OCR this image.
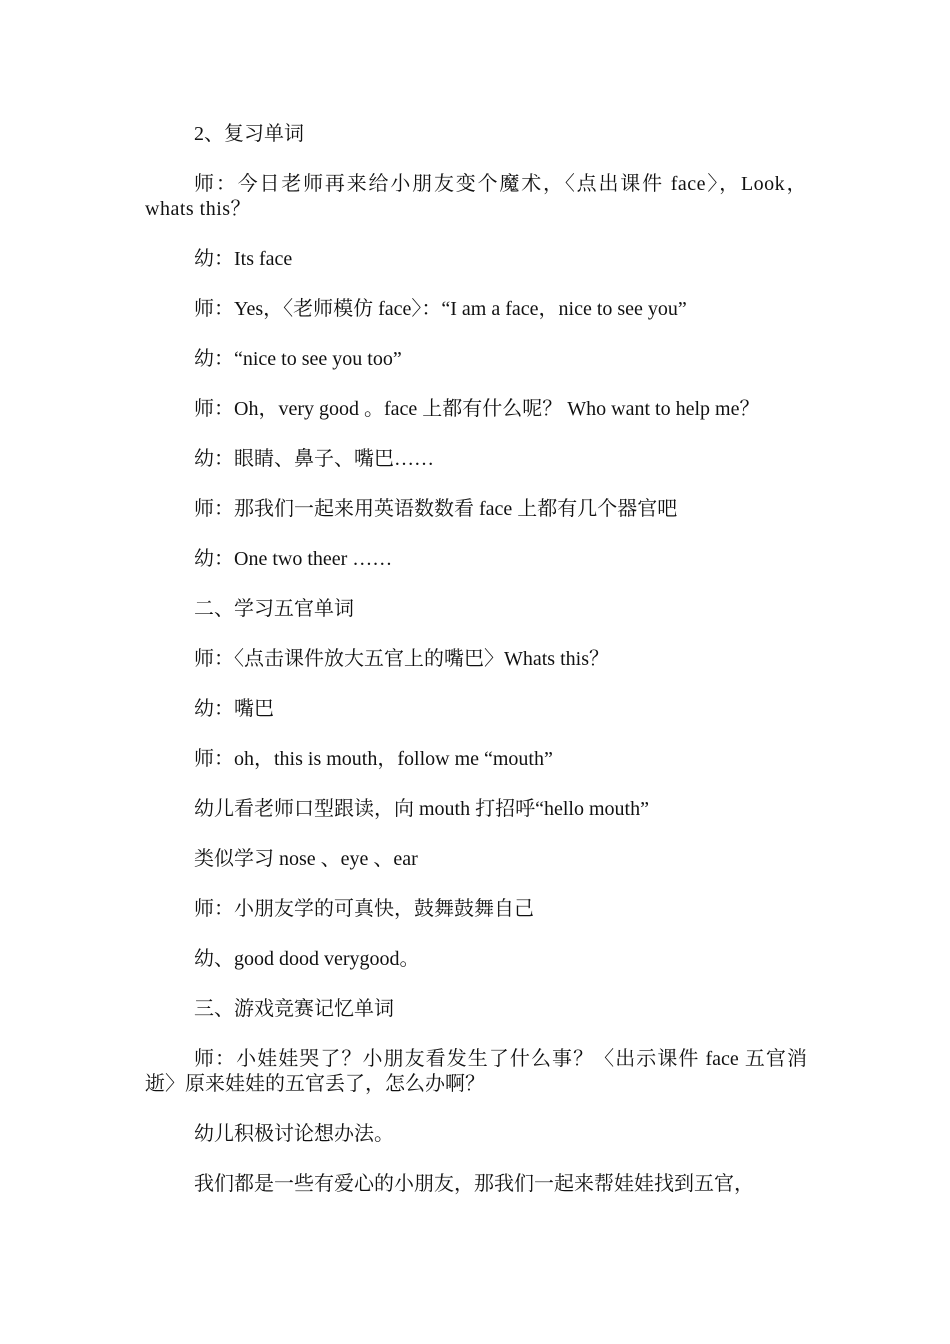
2、复习单词

师：今日老师再来给小朋友变个魔术，〈点出课件 face〉，Look，whats this？

幼：Its face

师：Yes，〈老师模仿 face〉：“I am a face，nice to see you”

幼：“nice to see you too”

师：Oh，very good 。face 上都有什么呢？ Who want to help me？

幼：眼睛、鼻子、嘴巴……

师：那我们一起来用英语数数看 face 上都有几个器官吧

幼：One two theer ……

二、学习五官单词

师：〈点击课件放大五官上的嘴巴〉Whats this？

幼：嘴巴

师：oh，this is mouth，follow me “mouth”

幼儿看老师口型跟读，向 mouth 打招呼“hello mouth”

类似学习 nose 、eye 、ear

师：小朋友学的可真快，鼓舞鼓舞自己

幼、good dood verygood。

三、游戏竞赛记忆单词

师：小娃娃哭了？小朋友看发生了什么事？〈出示课件 face 五官消逝〉原来娃娃的五官丢了，怎么办啊？

幼儿积极讨论想办法。

我们都是一些有爱心的小朋友，那我们一起来帮娃娃找到五官，
